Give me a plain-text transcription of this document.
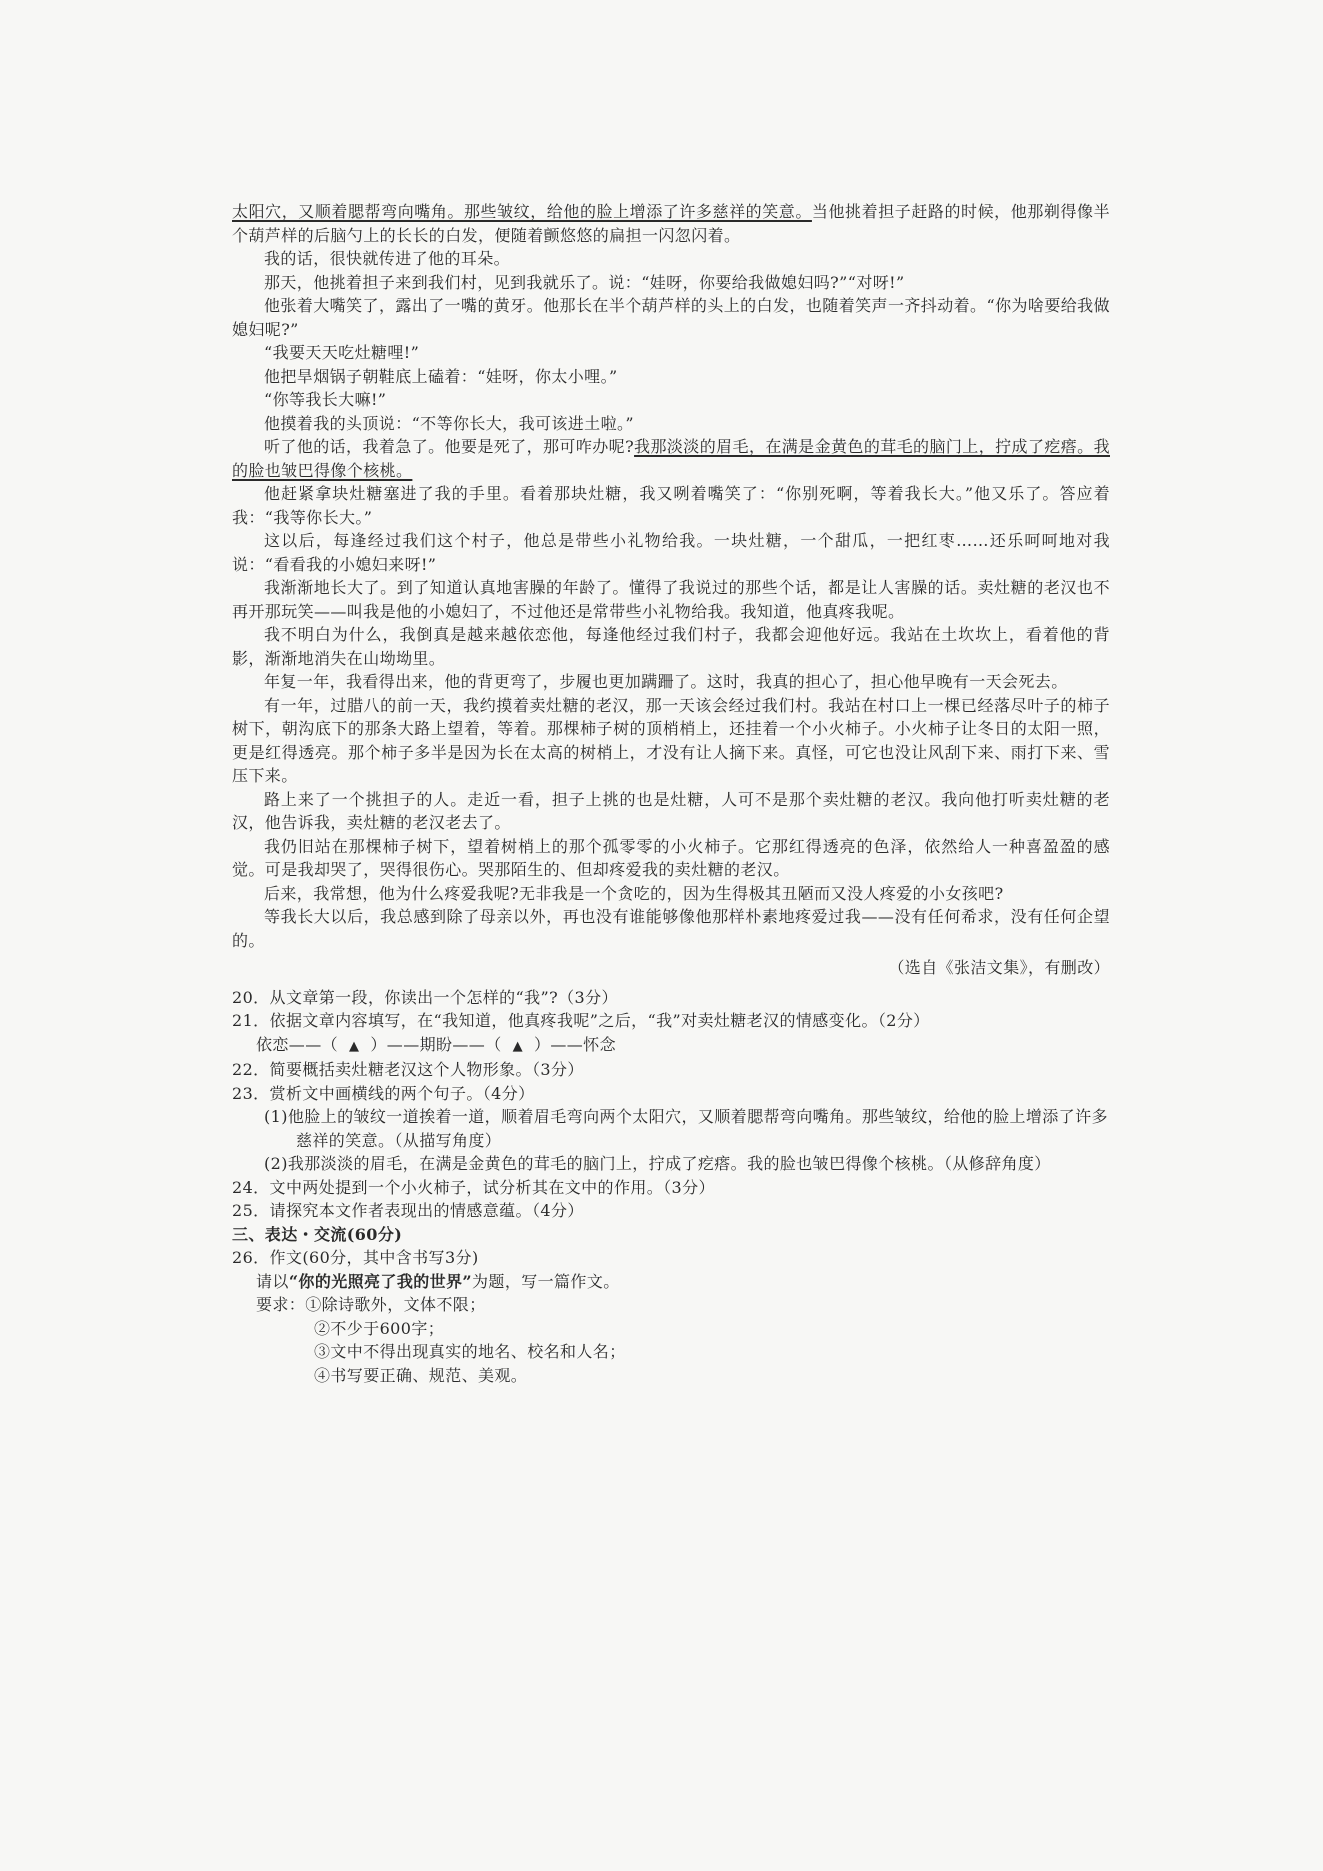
太阳穴，又顺着腮帮弯向嘴角。那些皱纹，给他的脸上增添了许多慈祥的笑意。当他挑着担子赶路的时候，他那剃得像半个葫芦样的后脑勺上的长长的白发，便随着颤悠悠的扁担一闪忽闪着。

我的话，很快就传进了他的耳朵。

那天，他挑着担子来到我们村，见到我就乐了。说：“娃呀，你要给我做媳妇吗?”“对呀!”

他张着大嘴笑了，露出了一嘴的黄牙。他那长在半个葫芦样的头上的白发，也随着笑声一齐抖动着。“你为啥要给我做媳妇呢?”

“我要天天吃灶糖哩!”

他把旱烟锅子朝鞋底上磕着：“娃呀，你太小哩。”

“你等我长大嘛!”

他摸着我的头顶说：“不等你长大，我可该进土啦。”

听了他的话，我着急了。他要是死了，那可咋办呢?我那淡淡的眉毛，在满是金黄色的茸毛的脑门上，拧成了疙瘩。我的脸也皱巴得像个核桃。

他赶紧拿块灶糖塞进了我的手里。看着那块灶糖，我又咧着嘴笑了：“你别死啊，等着我长大。”他又乐了。答应着我：“我等你长大。”

这以后，每逢经过我们这个村子，他总是带些小礼物给我。一块灶糖，一个甜瓜，一把红枣……还乐呵呵地对我说：“看看我的小媳妇来呀!”

我渐渐地长大了。到了知道认真地害臊的年龄了。懂得了我说过的那些个话，都是让人害臊的话。卖灶糖的老汉也不再开那玩笑——叫我是他的小媳妇了，不过他还是常带些小礼物给我。我知道，他真疼我呢。

我不明白为什么，我倒真是越来越依恋他，每逢他经过我们村子，我都会迎他好远。我站在土坎坎上，看着他的背影，渐渐地消失在山坳坳里。

年复一年，我看得出来，他的背更弯了，步履也更加蹒跚了。这时，我真的担心了，担心他早晚有一天会死去。

有一年，过腊八的前一天，我约摸着卖灶糖的老汉，那一天该会经过我们村。我站在村口上一棵已经落尽叶子的柿子树下，朝沟底下的那条大路上望着，等着。那棵柿子树的顶梢梢上，还挂着一个小火柿子。小火柿子让冬日的太阳一照，更是红得透亮。那个柿子多半是因为长在太高的树梢上，才没有让人摘下来。真怪，可它也没让风刮下来、雨打下来、雪压下来。

路上来了一个挑担子的人。走近一看，担子上挑的也是灶糖，人可不是那个卖灶糖的老汉。我向他打听卖灶糖的老汉，他告诉我，卖灶糖的老汉老去了。

我仍旧站在那棵柿子树下，望着树梢上的那个孤零零的小火柿子。它那红得透亮的色泽，依然给人一种喜盈盈的感觉。可是我却哭了，哭得很伤心。哭那陌生的、但却疼爱我的卖灶糖的老汉。

后来，我常想，他为什么疼爱我呢?无非我是一个贪吃的，因为生得极其丑陋而又没人疼爱的小女孩吧?

等我长大以后，我总感到除了母亲以外，再也没有谁能够像他那样朴素地疼爱过我——没有任何希求，没有任何企望的。

（选自《张洁文集》，有删改）

20．从文章第一段，你读出一个怎样的“我”?（3分）

21．依据文章内容填写，在“我知道，他真疼我呢”之后，“我”对卖灶糖老汉的情感变化。（2分）

依恋——（ ▲ ）——期盼——（ ▲ ）——怀念

22．简要概括卖灶糖老汉这个人物形象。（3分）

23．赏析文中画横线的两个句子。（4分）

(1)他脸上的皱纹一道挨着一道，顺着眉毛弯向两个太阳穴，又顺着腮帮弯向嘴角。那些皱纹，给他的脸上增添了许多慈祥的笑意。（从描写角度）

(2)我那淡淡的眉毛，在满是金黄色的茸毛的脑门上，拧成了疙瘩。我的脸也皱巴得像个核桃。（从修辞角度）

24．文中两处提到一个小火柿子，试分析其在文中的作用。（3分）

25．请探究本文作者表现出的情感意蕴。（4分）

三、表达・交流(60分)

26．作文(60分，其中含书写3分)

请以“你的光照亮了我的世界”为题，写一篇作文。

要求：①除诗歌外，文体不限；

②不少于600字；

③文中不得出现真实的地名、校名和人名；

④书写要正确、规范、美观。
